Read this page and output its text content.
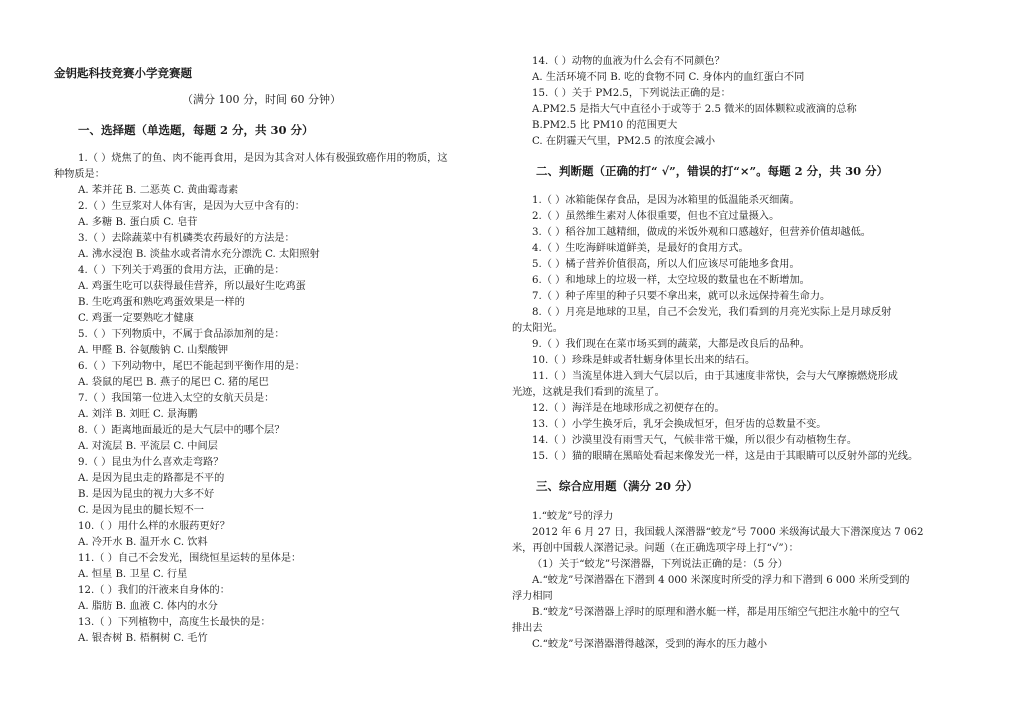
金钥匙科技竞赛小学竞赛题
（满分 100 分，时间 60 分钟）
一、选择题（单选题，每题 2 分，共 30 分）
1.（ ）烧焦了的鱼、肉不能再食用，是因为其含对人体有极强致癌作用的物质，这
种物质是：
A. 苯并芘 B. 二恶英 C. 黄曲霉毒素
2.（ ）生豆浆对人体有害，是因为大豆中含有的：
A. 多糖 B. 蛋白质 C. 皂苷
3.（ ）去除蔬菜中有机磷类农药最好的方法是：
A. 沸水浸泡 B. 淡盐水或者清水充分漂洗 C. 太阳照射
4.（ ）下列关于鸡蛋的食用方法，正确的是：
A. 鸡蛋生吃可以获得最佳营养，所以最好生吃鸡蛋
B. 生吃鸡蛋和熟吃鸡蛋效果是一样的
C. 鸡蛋一定要熟吃才健康
5.（ ）下列物质中，不属于食品添加剂的是：
A. 甲醛 B. 谷氨酸钠 C. 山梨酸钾
6.（ ）下列动物中，尾巴不能起到平衡作用的是：
A. 袋鼠的尾巴 B. 燕子的尾巴 C. 猪的尾巴
7.（ ）我国第一位进入太空的女航天员是：
A. 刘洋 B. 刘旺 C. 景海鹏
8.（ ）距离地面最近的是大气层中的哪个层？
A. 对流层 B. 平流层 C. 中间层
9.（ ）昆虫为什么喜欢走弯路？
A. 是因为昆虫走的路都是不平的
B. 是因为昆虫的视力大多不好
C. 是因为昆虫的腿长短不一
10.（ ）用什么样的水服药更好？
A. 冷开水 B. 温开水 C. 饮料
11.（ ）自己不会发光，围绕恒星运转的星体是：
A. 恒星 B. 卫星 C. 行星
12.（ ）我们的汗液来自身体的：
A. 脂肪 B. 血液 C. 体内的水分
13.（ ）下列植物中，高度生长最快的是：
A. 银杏树 B. 梧桐树 C. 毛竹
14.（ ）动物的血液为什么会有不同颜色？
A. 生活环境不同 B. 吃的食物不同 C. 身体内的血红蛋白不同
15.（ ）关于 PM2.5，下列说法正确的是：
A.PM2.5 是指大气中直径小于或等于 2.5 微米的固体颗粒或液滴的总称
B.PM2.5 比 PM10 的范围更大
C. 在阴霾天气里，PM2.5 的浓度会减小
二、判断题（正确的打“ √”，错误的打“×”。每题 2 分，共 30 分）
1.（ ）冰箱能保存食品，是因为冰箱里的低温能杀灭细菌。
2.（ ）虽然维生素对人体很重要，但也不宜过量摄入。
3.（ ）稻谷加工越精细，做成的米饭外观和口感越好，但营养价值却越低。
4.（ ）生吃海鲜味道鲜美，是最好的食用方式。
5.（ ）橘子营养价值很高，所以人们应该尽可能地多食用。
6.（ ）和地球上的垃圾一样，太空垃圾的数量也在不断增加。
7.（ ）种子库里的种子只要不拿出来，就可以永远保持着生命力。
8.（ ）月亮是地球的卫星，自己不会发光，我们看到的月亮光实际上是月球反射
的太阳光。
9.（ ）我们现在在菜市场买到的蔬菜，大都是改良后的品种。
10.（ ）珍珠是蚌或者牡蛎身体里长出来的结石。
11.（ ）当流星体进入到大气层以后，由于其速度非常快，会与大气摩擦燃烧形成
光迹，这就是我们看到的流星了。
12.（ ）海洋是在地球形成之初便存在的。
13.（ ）小学生换牙后，乳牙会换成恒牙，但牙齿的总数量不变。
14.（ ）沙漠里没有雨雪天气，气候非常干燥，所以很少有动植物生存。
15.（ ）猫的眼睛在黑暗处看起来像发光一样，这是由于其眼睛可以反射外部的光线。
三、综合应用题（满分 20 分）
1.“蛟龙”号的浮力
2012 年 6 月 27 日，我国载人深潜器“蛟龙”号 7000 米级海试最大下潜深度达 7 062
米，再创中国载人深潜记录。问题（在正确选项字母上打“√”）：
（1）关于“蛟龙”号深潜器，下列说法正确的是：（5 分）
A.“蛟龙”号深潜器在下潜到 4 000 米深度时所受的浮力和下潜到 6 000 米所受到的
浮力相同
B.“蛟龙”号深潜器上浮时的原理和潜水艇一样，都是用压缩空气把注水舱中的空气
排出去
C.“蛟龙”号深潜器潜得越深，受到的海水的压力越小
